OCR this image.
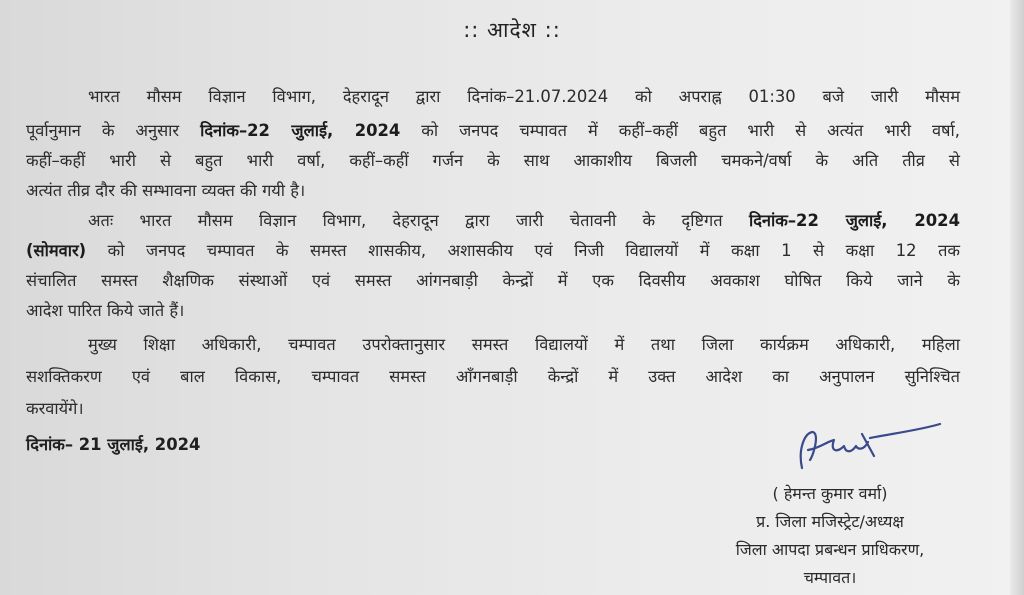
:: आदेश ::
भारत मौसम विज्ञान विभाग, देहरादून द्वारा दिनांक–21.07.2024 को अपराह्न 01:30 बजे जारी मौसम
पूर्वानुमान के अनुसार दिनांक–22 जुलाई, 2024 को जनपद चम्पावत में कहीं–कहीं बहुत भारी से अत्यंत भारी वर्षा,
कहीं–कहीं भारी से बहुत भारी वर्षा, कहीं–कहीं गर्जन के साथ आकाशीय बिजली चमकने/वर्षा के अति तीव्र से
अत्यंत तीव्र दौर की सम्भावना व्यक्त की गयी है।
अतः भारत मौसम विज्ञान विभाग, देहरादून द्वारा जारी चेतावनी के दृष्टिगत दिनांक–22 जुलाई, 2024
(सोमवार) को जनपद चम्पावत के समस्त शासकीय, अशासकीय एवं निजी विद्यालयों में कक्षा 1 से कक्षा 12 तक
संचालित समस्त शैक्षणिक संस्थाओं एवं समस्त आंगनबाड़ी केन्द्रों में एक दिवसीय अवकाश घोषित किये जाने के
आदेश पारित किये जाते हैं।
मुख्य शिक्षा अधिकारी, चम्पावत उपरोक्तानुसार समस्त विद्यालयों में तथा जिला कार्यक्रम अधिकारी, महिला
सशक्तिकरण एवं बाल विकास, चम्पावत समस्त आँगनबाड़ी केन्द्रों में उक्त आदेश का अनुपालन सुनिश्चित
करवायेंगे।
दिनांक– 21 जुलाई, 2024
( हेमन्त कुमार वर्मा)
प्र. जिला मजिस्ट्रेट/अध्यक्ष
जिला आपदा प्रबन्धन प्राधिकरण,
चम्पावत।
